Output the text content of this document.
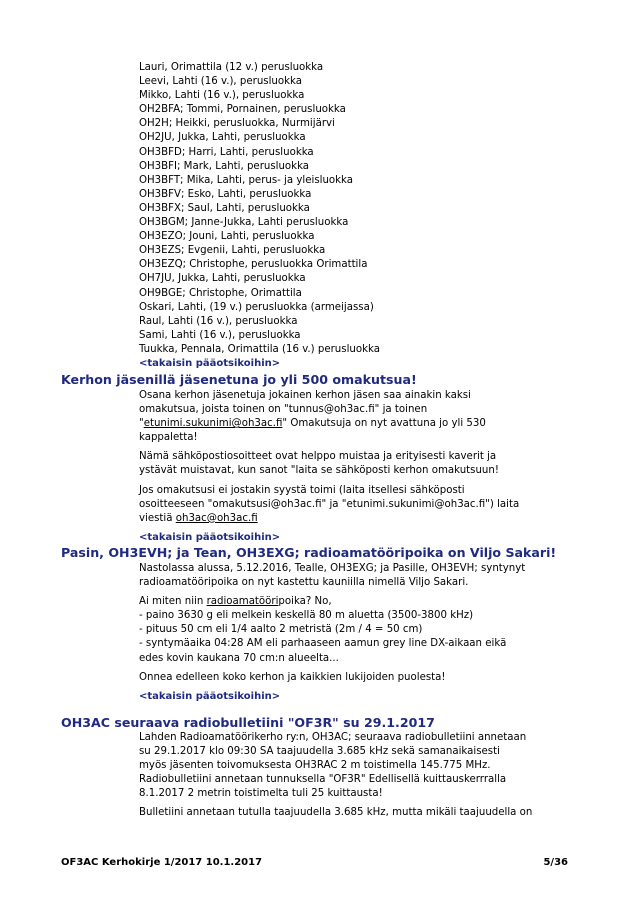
Lauri, Orimattila (12 v.) perusluokka
Leevi, Lahti (16 v.), perusluokka
Mikko, Lahti (16 v.), perusluokka
OH2BFA; Tommi, Pornainen, perusluokka
OH2H; Heikki, perusluokka, Nurmijärvi
OH2JU, Jukka, Lahti, perusluokka
OH3BFD; Harri, Lahti, perusluokka
OH3BFI; Mark, Lahti, perusluokka
OH3BFT; Mika, Lahti, perus- ja yleisluokka
OH3BFV; Esko, Lahti, perusluokka
OH3BFX; Saul, Lahti, perusluokka
OH3BGM; Janne-Jukka, Lahti perusluokka
OH3EZO; Jouni, Lahti, perusluokka
OH3EZS; Evgenii, Lahti, perusluokka
OH3EZQ; Christophe, perusluokka Orimattila
OH7JU, Jukka, Lahti, perusluokka
OH9BGE; Christophe, Orimattila
Oskari, Lahti, (19 v.) perusluokka (armeijassa)
Raul, Lahti (16 v.), perusluokka
Sami, Lahti (16 v.), perusluokka
Tuukka, Pennala, Orimattila (16 v.) perusluokka
<takaisin pääotsikoihin>
Kerhon jäsenillä jäsenetuna jo yli 500 omakutsua!

Osana kerhon jäsenetuja jokainen kerhon jäsen saa ainakin kaksi
omakutsua, joista toinen on "tunnus@oh3ac.fi" ja toinen
"etunimi.sukunimi@oh3ac.fi" Omakutsuja on nyt avattuna jo yli 530
kappaletta!

Nämä sähköpostiosoitteet ovat helppo muistaa ja erityisesti kaverit ja
ystävät muistavat, kun sanot "laita se sähköposti kerhon omakutsuun!

Jos omakutsusi ei jostakin syystä toimi (laita itsellesi sähköposti
osoitteeseen "omakutsusi@oh3ac.fi" ja "etunimi.sukunimi@oh3ac.fi") laita
viestiä oh3ac@oh3ac.fi

<takaisin pääotsikoihin>
Pasin, OH3EVH; ja Tean, OH3EXG; radioamatööripoika on Viljo Sakari!

Nastolassa alussa, 5.12.2016, Tealle, OH3EXG; ja Pasille, OH3EVH; syntynyt
radioamatööripoika on nyt kastettu kauniilla nimellä Viljo Sakari.

Ai miten niin radioamatööripoika? No,
- paino 3630 g eli melkein keskellä 80 m aluetta (3500-3800 kHz)
- pituus 50 cm eli 1/4 aalto 2 metristä (2m / 4 = 50 cm)
- syntymäaika 04:28 AM eli parhaaseen aamun grey line DX-aikaan eikä
edes kovin kaukana 70 cm:n alueelta...

Onnea edelleen koko kerhon ja kaikkien lukijoiden puolesta!

<takaisin pääotsikoihin>
OH3AC seuraava radiobulletiini "OF3R" su 29.1.2017

Lahden Radioamatöörikerho ry:n, OH3AC; seuraava radiobulletiini annetaan
su 29.1.2017 klo 09:30 SA taajuudella 3.685 kHz sekä samanaikaisesti
myös jäsenten toivomuksesta OH3RAC 2 m toistimella 145.775 MHz.
Radiobulletiini annetaan tunnuksella "OF3R" Edellisellä kuittauskerrralla
8.1.2017 2 metrin toistimelta tuli 25 kuittausta!

Bulletiini annetaan tutulla taajuudella 3.685 kHz, mutta mikäli taajuudella on

OF3AC Kerhokirje 1/2017 10.1.2017	5/36
